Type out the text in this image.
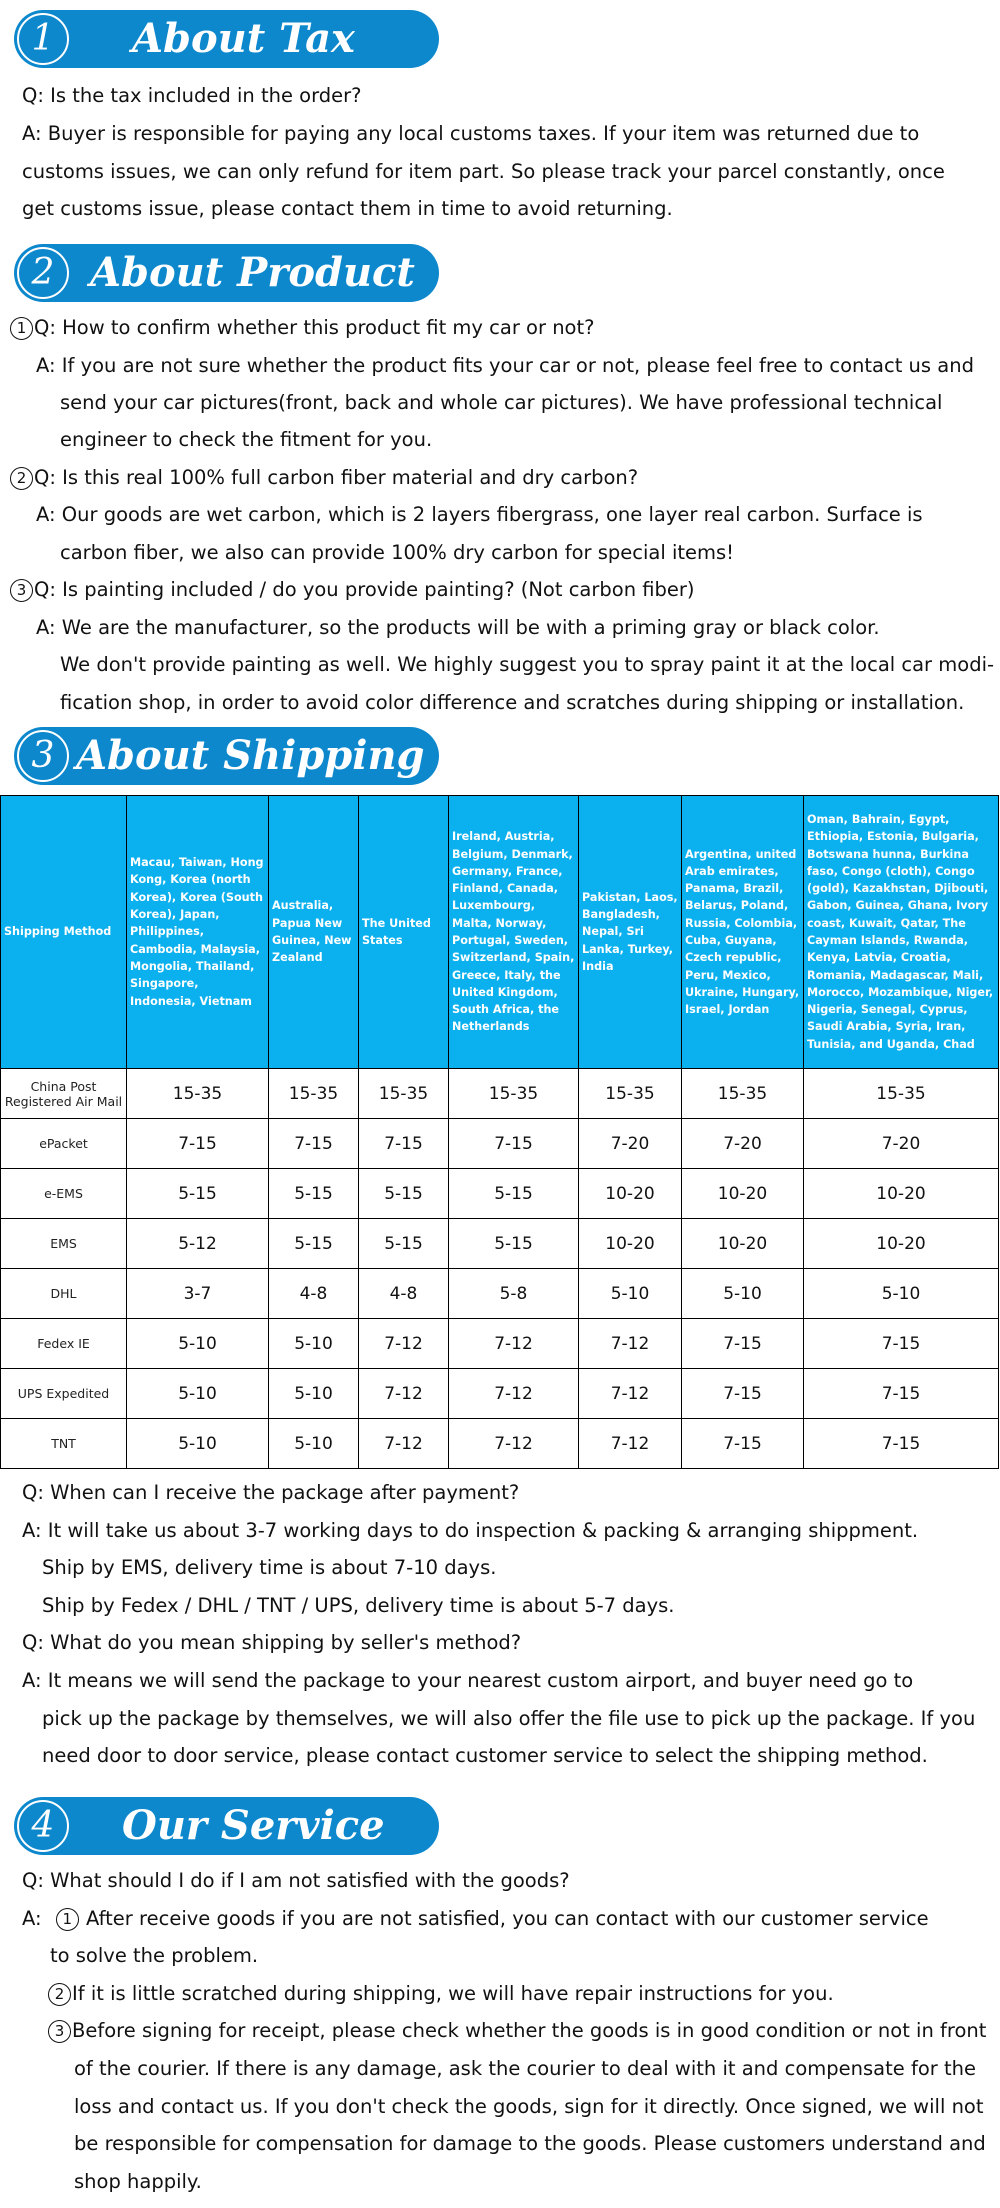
1	About Tax
Q: Is the tax included in the order?
A: Buyer is responsible for paying any local customs taxes. If your item was returned due to
customs issues, we can only refund for item part. So please track your parcel constantly, once
get customs issue, please contact them in time to avoid returning.
2 About Product
1 Q: How to confirm whether this product fit my car or not?
A: If you are not sure whether the product fits your car or not, please feel free to contact us and
send your car pictures(front, back and whole car pictures). We have professional technical
engineer to check the fitment for you.
2 Q: Is this real 100% full carbon fiber material and dry carbon?
A: Our goods are wet carbon, which is 2 layers fibergrass, one layer real carbon. Surface is
carbon fiber, we also can provide 100% dry carbon for special items!
3 Q: Is painting included / do you provide painting? (Not carbon fiber)
A: We are the manufacturer, so the products will be with a priming gray or black color.
We don't provide painting as well. We highly suggest you to spray paint it at the local car modi-
fication shop, in order to avoid color difference and scratches during shipping or installation.
3 About Shipping
Shipping Method	Macau, Taiwan, Hong Kong, Korea (north Korea), Korea (South Korea), Japan, Philippines, Cambodia, Malaysia, Mongolia, Thailand, Singapore, Indonesia, Vietnam	Australia, Papua New Guinea, New Zealand	The United States	Ireland, Austria, Belgium, Denmark, Germany, France, Finland, Canada, Luxembourg, Malta, Norway, Portugal, Sweden, Switzerland, Spain, Greece, Italy, the United Kingdom, South Africa, the Netherlands	Pakistan, Laos, Bangladesh, Nepal, Sri Lanka, Turkey, India	Argentina, united Arab emirates, Panama, Brazil, Belarus, Poland, Russia, Colombia, Cuba, Guyana, Czech republic, Peru, Mexico, Ukraine, Hungary, Israel, Jordan	Oman, Bahrain, Egypt, Ethiopia, Estonia, Bulgaria, Botswana hunna, Burkina faso, Congo (cloth), Congo (gold), Kazakhstan, Djibouti, Gabon, Guinea, Ghana, Ivory coast, Kuwait, Qatar, The Cayman Islands, Rwanda, Kenya, Latvia, Croatia, Romania, Madagascar, Mali, Morocco, Mozambique, Niger, Nigeria, Senegal, Cyprus, Saudi Arabia, Syria, Iran, Tunisia, and Uganda, Chad
China Post Registered Air Mail	15-35	15-35	15-35	15-35	15-35	15-35	15-35
ePacket	7-15	7-15	7-15	7-15	7-20	7-20	7-20
e-EMS	5-15	5-15	5-15	5-15	10-20	10-20	10-20
EMS	5-12	5-15	5-15	5-15	10-20	10-20	10-20
DHL	3-7	4-8	4-8	5-8	5-10	5-10	5-10
Fedex IE	5-10	5-10	7-12	7-12	7-12	7-15	7-15
UPS Expedited	5-10	5-10	7-12	7-12	7-12	7-15	7-15
TNT	5-10	5-10	7-12	7-12	7-12	7-15	7-15
Q: When can I receive the package after payment?
A: It will take us about 3-7 working days to do inspection & packing & arranging shippment.
Ship by EMS, delivery time is about 7-10 days.
Ship by Fedex / DHL / TNT / UPS, delivery time is about 5-7 days.
Q: What do you mean shipping by seller's method?
A: It means we will send the package to your nearest custom airport, and buyer need go to
pick up the package by themselves, we will also offer the file use to pick up the package. If you
need door to door service, please contact customer service to select the shipping method.
4	Our Service
Q: What should I do if I am not satisfied with the goods?
A: 1 After receive goods if you are not satisfied, you can contact with our customer service
to solve the problem.
2 If it is little scratched during shipping, we will have repair instructions for you.
3 Before signing for receipt, please check whether the goods is in good condition or not in front
of the courier. If there is any damage, ask the courier to deal with it and compensate for the
loss and contact us. If you don't check the goods, sign for it directly. Once signed, we will not
be responsible for compensation for damage to the goods. Please customers understand and
shop happily.
